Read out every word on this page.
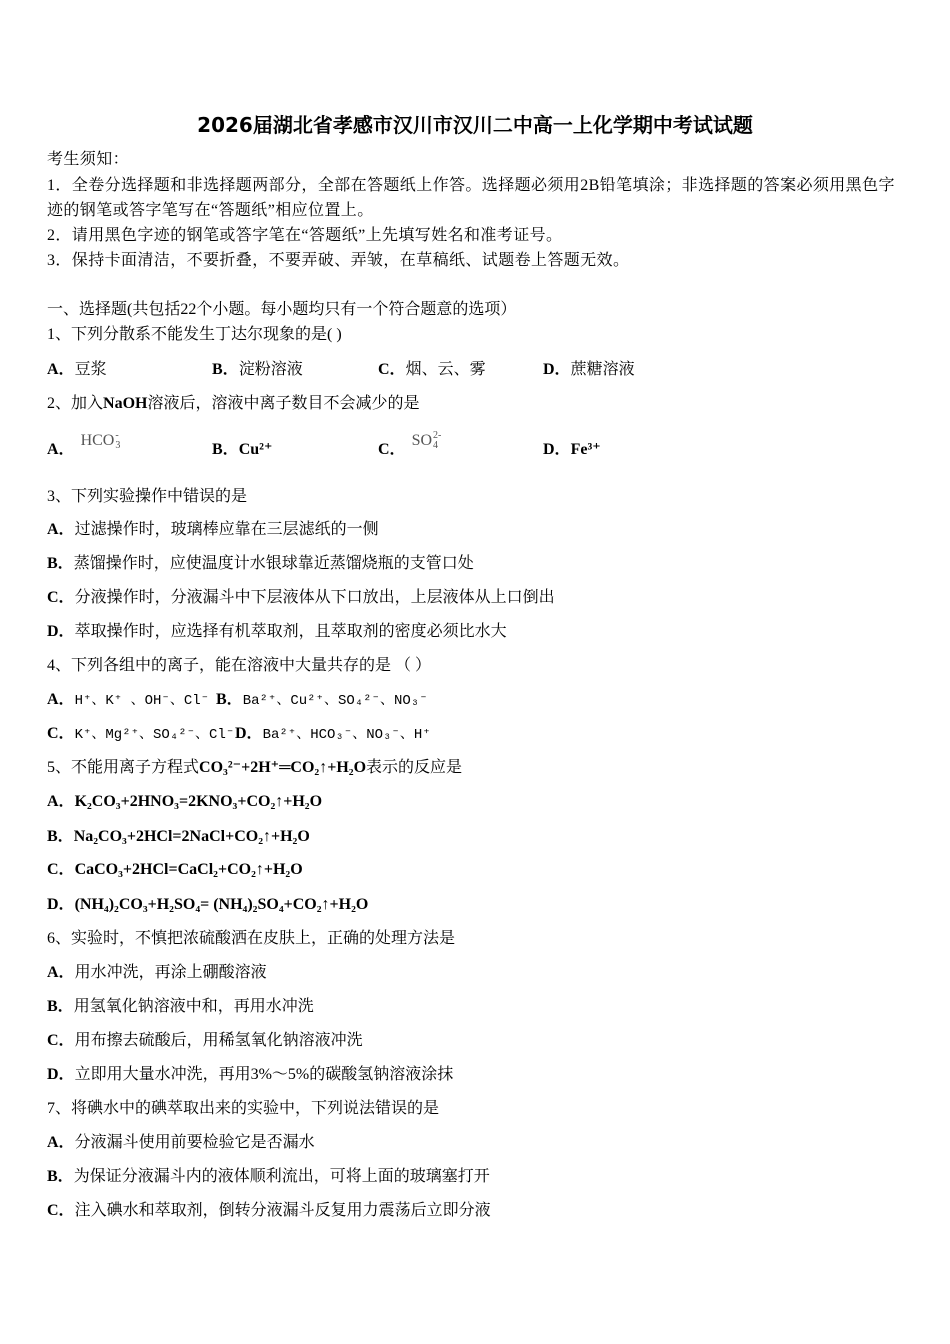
2026届湖北省孝感市汉川市汉川二中高一上化学期中考试试题
考生须知：
1．全卷分选择题和非选择题两部分，全部在答题纸上作答。选择题必须用2B铅笔填涂；非选择题的答案必须用黑色字迹的钢笔或答字笔写在“答题纸”相应位置上。
2．请用黑色字迹的钢笔或答字笔在“答题纸”上先填写姓名和准考证号。
3．保持卡面清洁，不要折叠，不要弄破、弄皱，在草稿纸、试题卷上答题无效。
一、选择题(共包括22个小题。每小题均只有一个符合题意的选项）
1、下列分散系不能发生丁达尔现象的是( )
A．豆浆	B．淀粉溶液	C．烟、云、雾	D．蔗糖溶液
2、加入NaOH溶液后，溶液中离子数目不会减少的是
A．HCO -
3	B．Cu²⁺	C．SO 2-
4	D．Fe³⁺
3、下列实验操作中错误的是
A．过滤操作时，玻璃棒应靠在三层滤纸的一侧
B．蒸馏操作时，应使温度计水银球靠近蒸馏烧瓶的支管口处
C．分液操作时，分液漏斗中下层液体从下口放出，上层液体从上口倒出
D．萃取操作时，应选择有机萃取剂，且萃取剂的密度必须比水大
4、下列各组中的离子，能在溶液中大量共存的是 （ ）
A．H⁺、K⁺ 、OH⁻、Cl⁻ B．Ba²⁺、Cu²⁺、SO₄²⁻、NO₃⁻
C．K⁺、Mg²⁺、SO₄²⁻、Cl⁻ D．Ba²⁺、HCO₃⁻、NO₃⁻、H⁺
5、不能用离子方程式CO₃²⁻+2H⁺═CO₂↑+H₂O表示的反应是
A．K₂CO₃+2HNO₃=2KNO₃+CO₂↑+H₂O
B．Na₂CO₃+2HCl=2NaCl+CO₂↑+H₂O
C．CaCO₃+2HCl=CaCl₂+CO₂↑+H₂O
D．(NH₄)₂CO₃+H₂SO₄= (NH₄)₂SO₄+CO₂↑+H₂O
6、实验时，不慎把浓硫酸洒在皮肤上，正确的处理方法是
A．用水冲洗，再涂上硼酸溶液
B．用氢氧化钠溶液中和，再用水冲洗
C．用布擦去硫酸后，用稀氢氧化钠溶液冲洗
D．立即用大量水冲洗，再用3%～5%的碳酸氢钠溶液涂抹
7、将碘水中的碘萃取出来的实验中，下列说法错误的是
A．分液漏斗使用前要检验它是否漏水
B．为保证分液漏斗内的液体顺利流出，可将上面的玻璃塞打开
C．注入碘水和萃取剂，倒转分液漏斗反复用力震荡后立即分液
